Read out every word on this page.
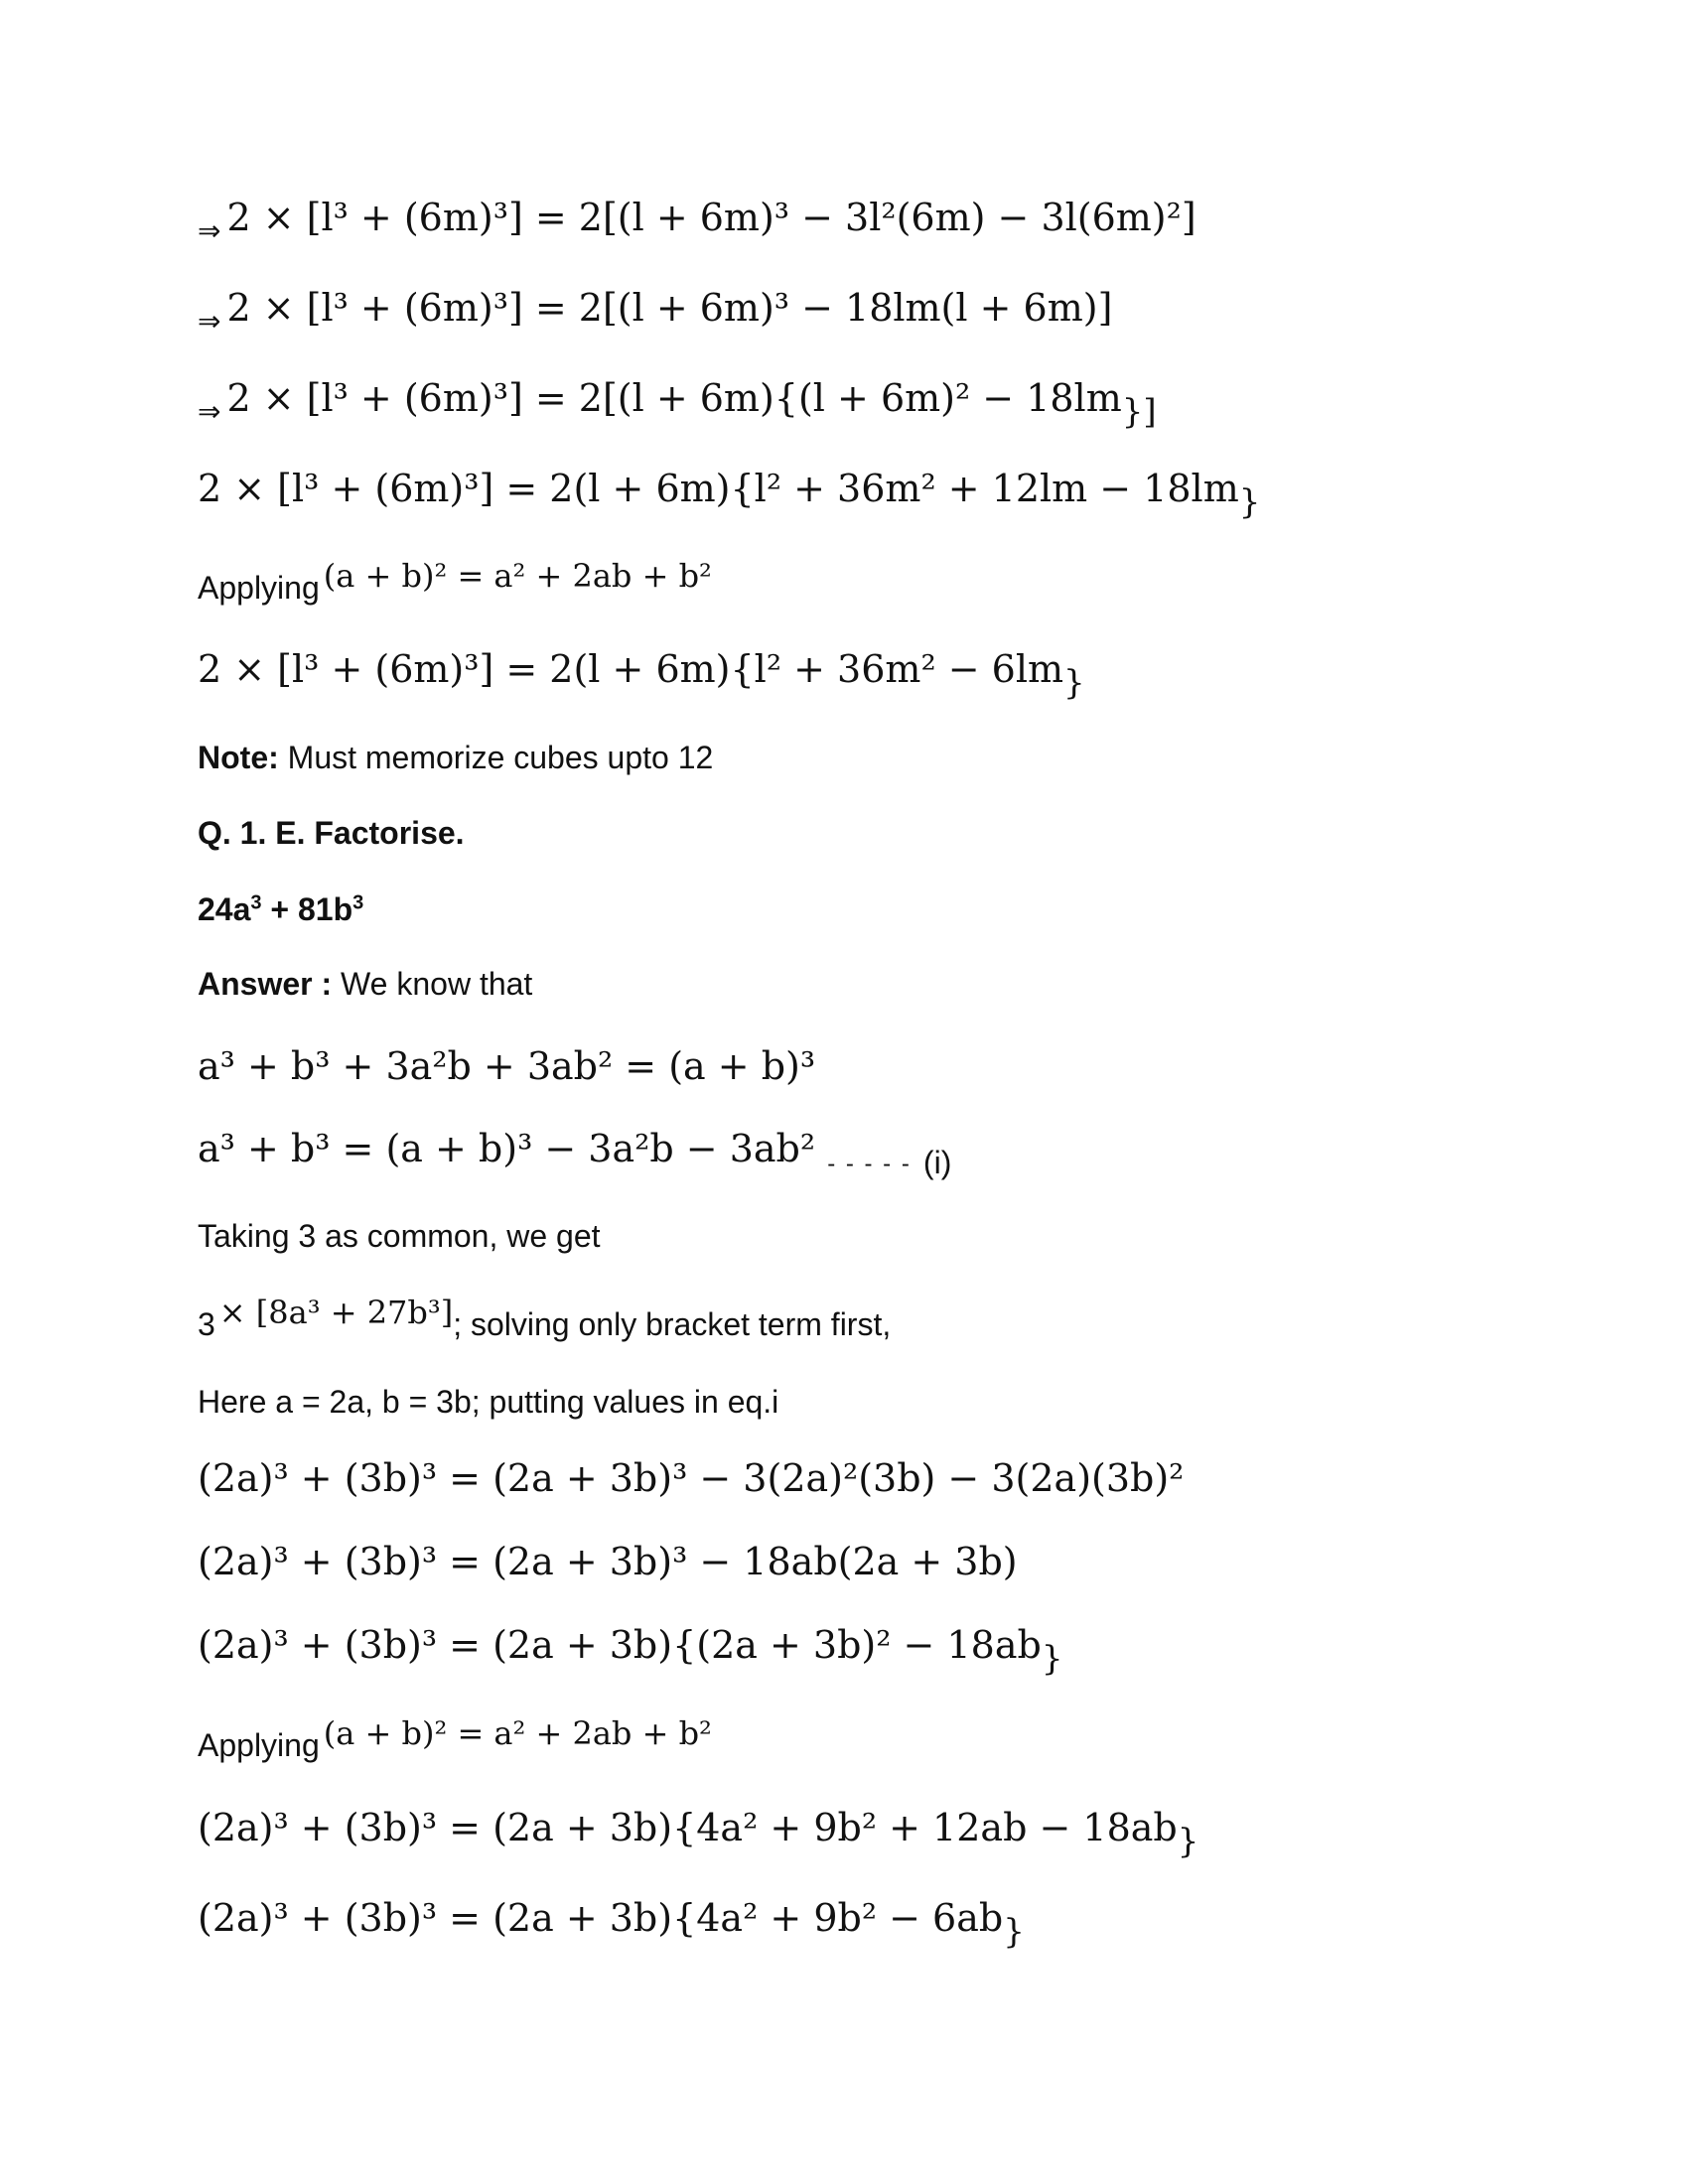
$_\Rightarrow$ 2 × [l³ + (6m)³] = 2[(l + 6m)³ − 3l²(6m) − 3l(6m)²]
$_\Rightarrow$ 2 × [l³ + (6m)³] = 2[(l + 6m)³ − 18lm(l + 6m)]
$_\Rightarrow$ 2 × [l³ + (6m)³] = 2[(l + 6m){(l + 6m)² − 18lm}]
2 × [l³ + (6m)³] = 2(l + 6m){l² + 36m² + 12lm − 18lm}
Applying (a + b)² = a² + 2ab + b²
2 × [l³ + (6m)³] = 2(l + 6m){l² + 36m² − 6lm}
Note: Must memorize cubes upto 12
Q. 1. E. Factorise.
$24a^3 + 81b^3$
Answer : We know that
a³ + b³ + 3a²b + 3ab² = (a + b)³
a³ + b³ = (a + b)³ − 3a²b − 3ab² $_{- - - - -}$ $_{(i)}$
Taking 3 as common, we get
3 × [8a³ + 27b³]; solving only bracket term first,
Here a = 2a, b = 3b; putting values in eq.i
(2a)³ + (3b)³ = (2a + 3b)³ − 3(2a)²(3b) − 3(2a)(3b)²
(2a)³ + (3b)³ = (2a + 3b)³ − 18ab(2a + 3b)
(2a)³ + (3b)³ = (2a + 3b){(2a + 3b)² − 18ab}
Applying (a + b)² = a² + 2ab + b²
(2a)³ + (3b)³ = (2a + 3b){4a² + 9b² + 12ab − 18ab}
(2a)³ + (3b)³ = (2a + 3b){4a² + 9b² − 6ab}
